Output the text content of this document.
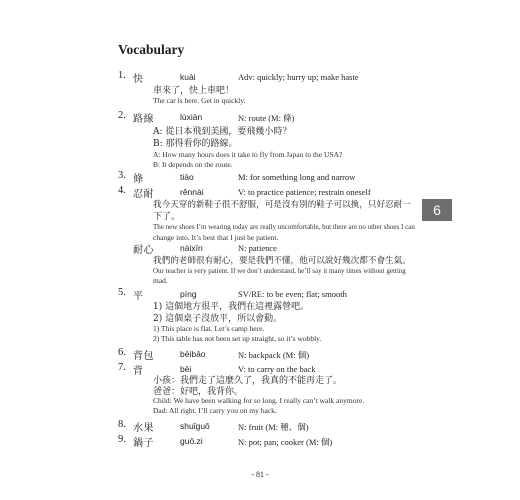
Vocabulary
6
1. 快	kuài	Adv: quickly; hurry up; make haste
車來了，快上車吧！
The car is here. Get in quickly.
2. 路線	lùxiàn	N: route (M: 條)
A: 從日本飛到美國，要飛幾小時？
B: 那得看你的路線。
A: How many hours does it take to fly from Japan to the USA?
B: It depends on the route.
3. 條	tiáo	M: for something long and narrow
4. 忍耐	rěnnài	V: to practice patience; restrain oneself
我今天穿的新鞋子很不舒服，可是沒有別的鞋子可以換，只好忍耐一
下了。
The new shoes I’m wearing today are really uncomfortable, but there are no other shoes I can
change into. It’s best that I just be patient.
耐心	nàixīn	N: patience
我們的老師很有耐心，要是我們不懂，他可以說好幾次都不會生氣。
Our teacher is very patient. If we don’t understand, he’ll say it many times without getting
mad.
5. 平	píng	SV/RE: to be even; flat; smooth
1) 這個地方很平，我們在這裡露營吧。
2) 這個桌子沒放平，所以會動。
1) This place is flat. Let’s camp here.
2) This table has not been set up straight, so it’s wobbly.
6. 背包	bēibāo	N: backpack (M: 個)
7. 背	bēi	V: to carry on the back
小孩：我們走了這麼久了，我真的不能再走了。
爸爸：好吧，我背你。
Child: We have been walking for so long. I really can’t walk anymore.
Dad: All right. I’ll carry you on my back.
8. 水果	shuǐguǒ	N: fruit (M: 種、個)
9. 鍋子	guō.zi	N: pot; pan; cooker (M: 個)
- 81 -
